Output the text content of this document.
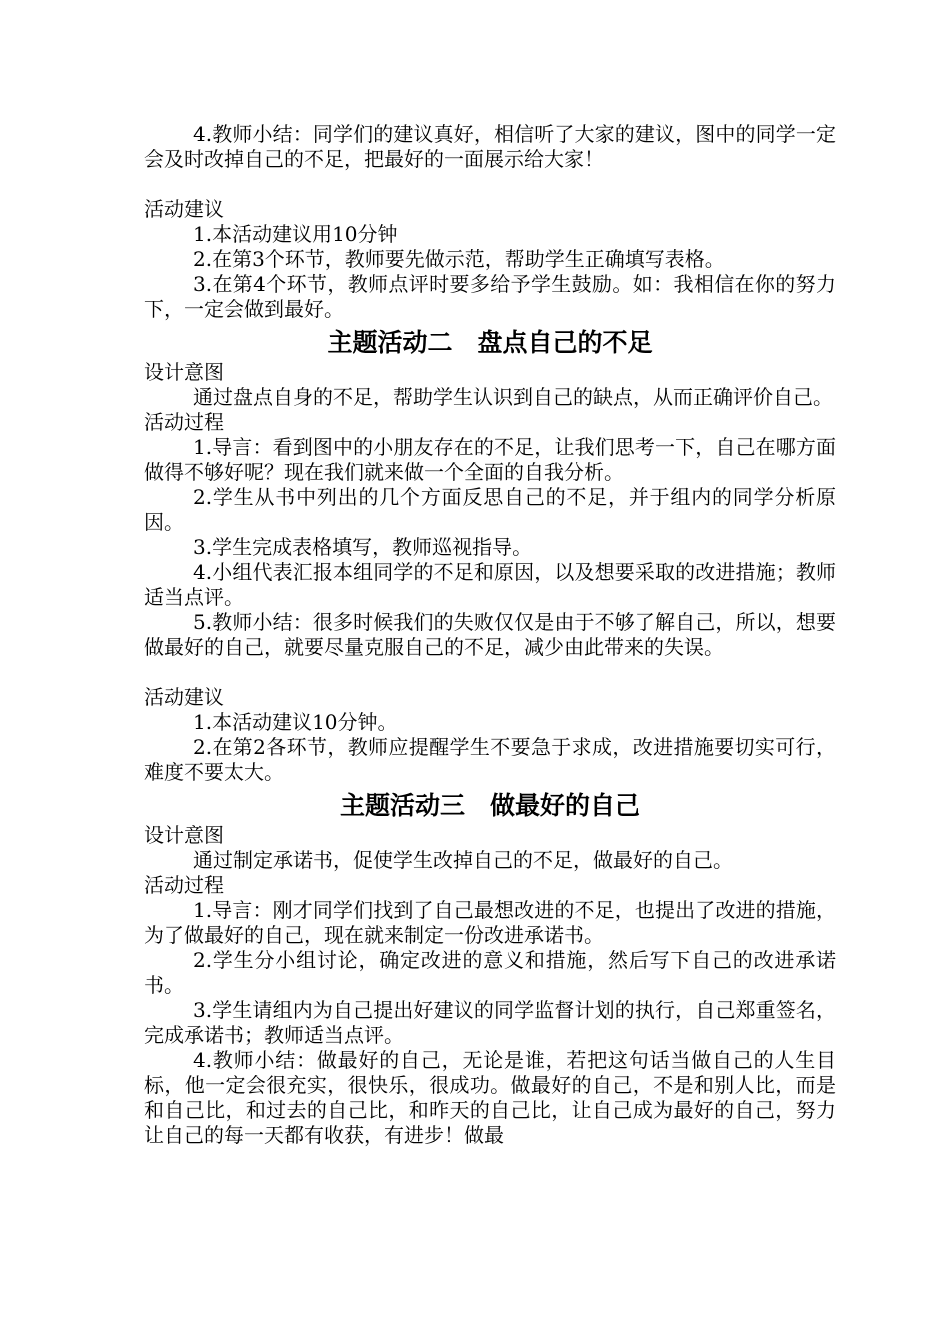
4.教师小结：同学们的建议真好，相信听了大家的建议，图中的同学一定会及时改掉自己的不足，把最好的一面展示给大家！

活动建议

1.本活动建议用10分钟

2.在第3个环节，教师要先做示范，帮助学生正确填写表格。

3.在第4个环节，教师点评时要多给予学生鼓励。如：我相信在你的努力下，一定会做到最好。

主题活动二　盘点自己的不足

设计意图

通过盘点自身的不足，帮助学生认识到自己的缺点，从而正确评价自己。

活动过程

1.导言：看到图中的小朋友存在的不足，让我们思考一下，自己在哪方面做得不够好呢？现在我们就来做一个全面的自我分析。

2.学生从书中列出的几个方面反思自己的不足，并于组内的同学分析原因。

3.学生完成表格填写，教师巡视指导。

4.小组代表汇报本组同学的不足和原因，以及想要采取的改进措施；教师适当点评。

5.教师小结：很多时候我们的失败仅仅是由于不够了解自己，所以，想要做最好的自己，就要尽量克服自己的不足，减少由此带来的失误。

活动建议

1.本活动建议10分钟。

2.在第2各环节，教师应提醒学生不要急于求成，改进措施要切实可行，难度不要太大。

主题活动三　做最好的自己

设计意图

通过制定承诺书，促使学生改掉自己的不足，做最好的自己。

活动过程

1.导言：刚才同学们找到了自己最想改进的不足，也提出了改进的措施，为了做最好的自己，现在就来制定一份改进承诺书。

2.学生分小组讨论，确定改进的意义和措施，然后写下自己的改进承诺书。

3.学生请组内为自己提出好建议的同学监督计划的执行，自己郑重签名，完成承诺书；教师适当点评。

4.教师小结：做最好的自己，无论是谁，若把这句话当做自己的人生目标，他一定会很充实，很快乐，很成功。做最好的自己，不是和别人比，而是和自己比，和过去的自己比，和昨天的自己比，让自己成为最好的自己，努力让自己的每一天都有收获，有进步！做最
